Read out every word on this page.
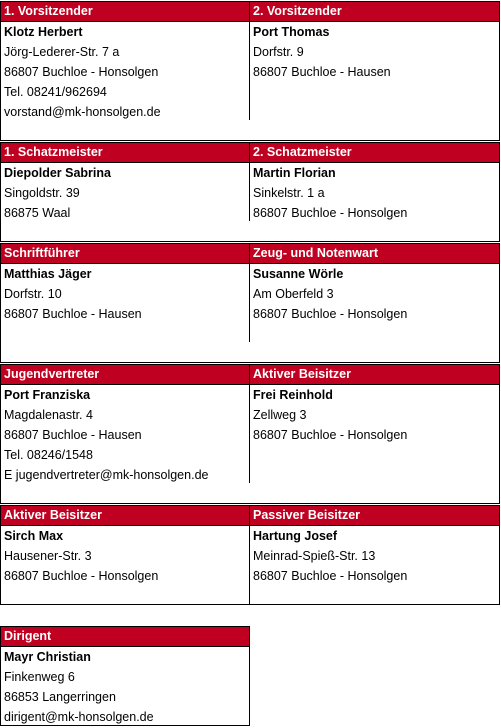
1. Vorsitzender
Klotz Herbert
Jörg-Lederer-Str. 7 a
86807 Buchloe - Honsolgen
Tel. 08241/962694
vorstand@mk-honsolgen.de
2. Vorsitzender
Port Thomas
Dorfstr. 9
86807 Buchloe - Hausen
1. Schatzmeister
Diepolder Sabrina
Singoldstr. 39
86875 Waal
2. Schatzmeister
Martin Florian
Sinkelstr. 1 a
86807 Buchloe - Honsolgen
Schriftführer
Matthias Jäger
Dorfstr. 10
86807 Buchloe - Hausen
Zeug- und Notenwart
Susanne Wörle
Am Oberfeld 3
86807 Buchloe - Honsolgen
Jugendvertreter
Port Franziska
Magdalenastr. 4
86807 Buchloe - Hausen
Tel. 08246/1548
E jugendvertreter@mk-honsolgen.de
Aktiver Beisitzer
Frei Reinhold
Zellweg 3
86807 Buchloe - Honsolgen
Aktiver Beisitzer
Sirch Max
Hausener-Str. 3
86807 Buchloe - Honsolgen
Passiver Beisitzer
Hartung Josef
Meinrad-Spieß-Str. 13
86807 Buchloe - Honsolgen
Dirigent
Mayr Christian
Finkenweg 6
86853 Langerringen
dirigent@mk-honsolgen.de
